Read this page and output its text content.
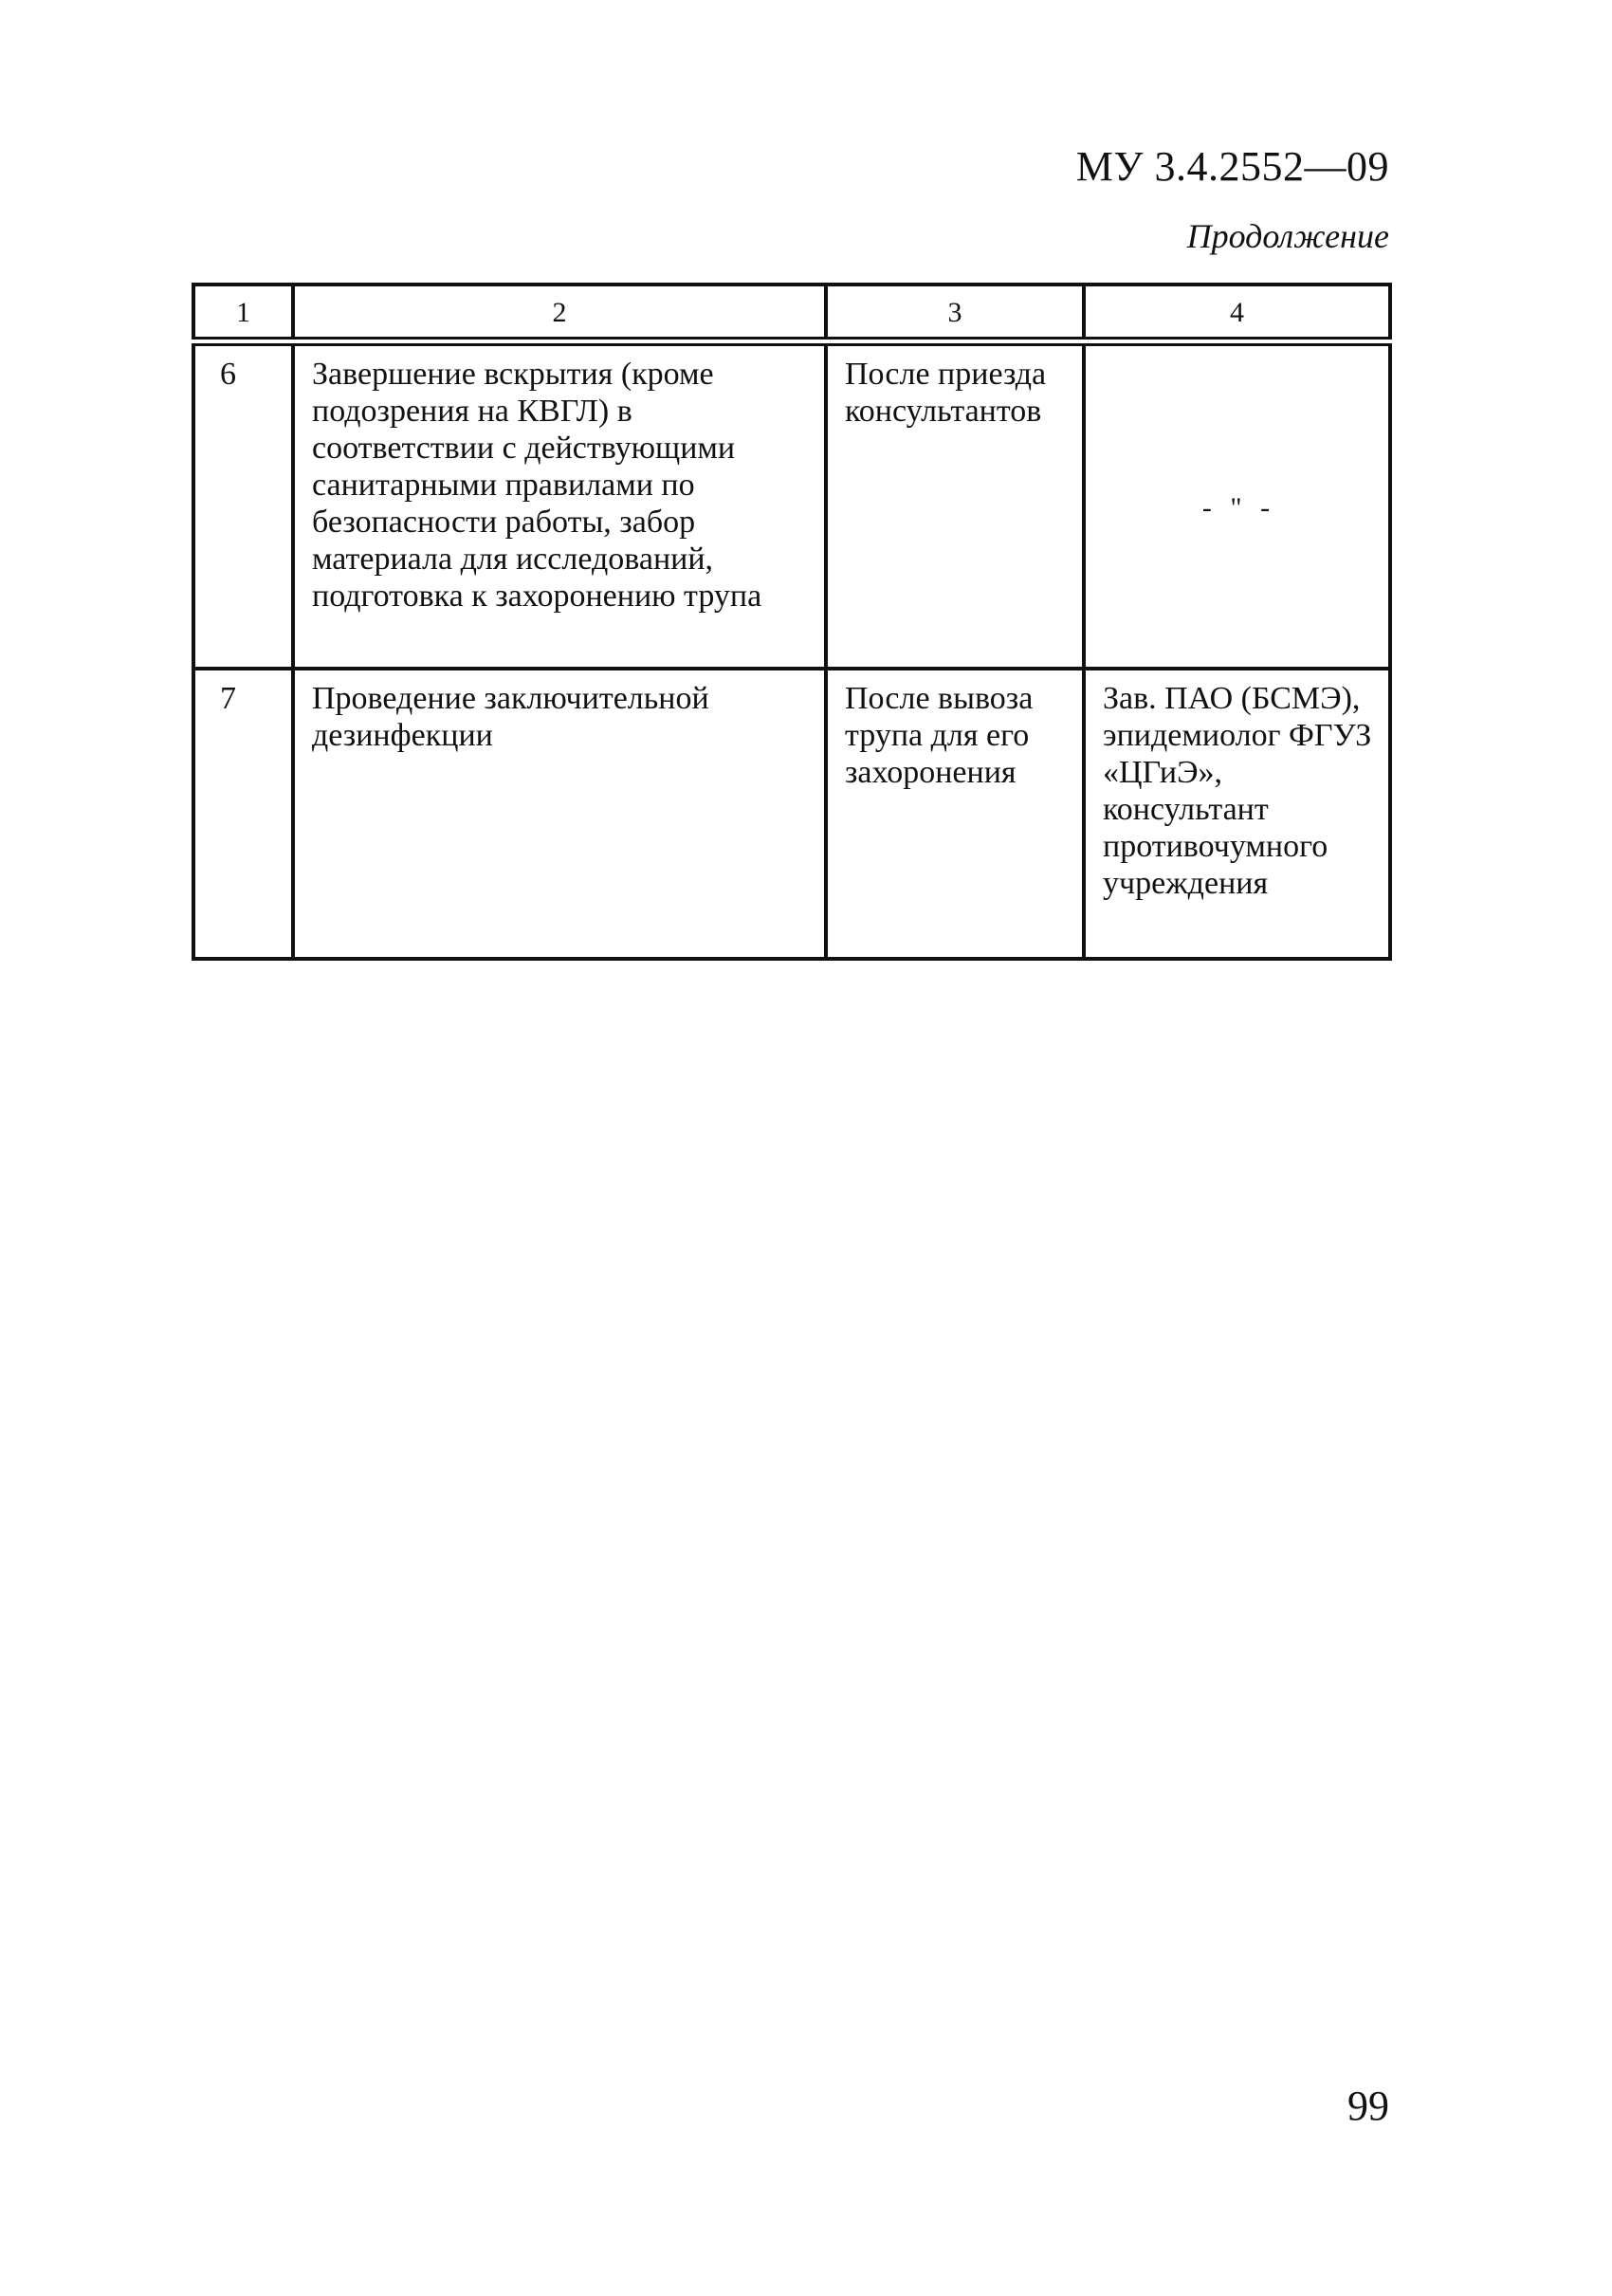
МУ 3.4.2552—09
Продолжение
1	2	3	4
6	Завершение вскрытия (кроме подозрения на КВГЛ) в соответствии с действующими санитарными правилами по безопасности работы, забор материала для исследований, подготовка к захоронению трупа	После приезда консультантов	- " -
7	Проведение заключительной дезинфекции	После вывоза трупа для его захоронения	Зав. ПАО (БСМЭ), эпидемиолог ФГУЗ «ЦГиЭ», консультант противочумного учреждения
99
